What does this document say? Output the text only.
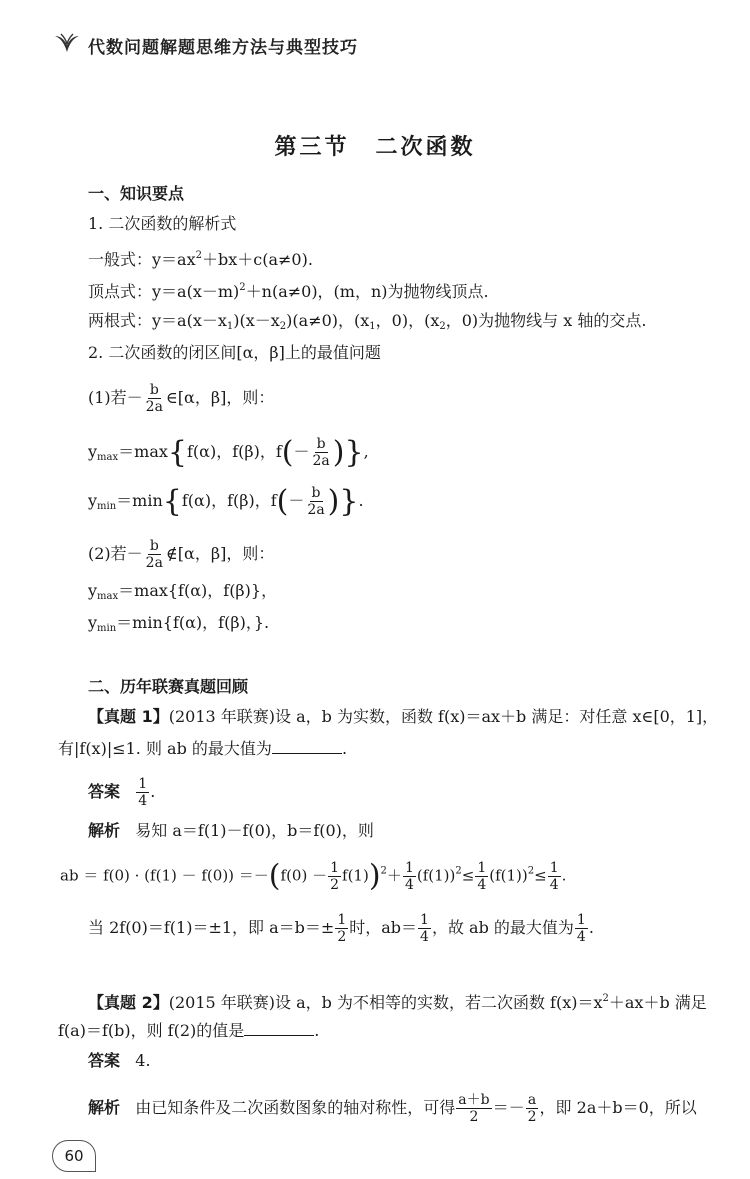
代数问题解题思维方法与典型技巧
第三节 二次函数
一、知识要点
1. 二次函数的解析式
一般式：$y=ax^2+bx+c(a\ne 0)$.
顶点式：$y=a(x-m)^2+n(a\ne 0)$，(m，n)为抛物线顶点.
两根式：$y=a(x-x_1)(x-x_2)(a\ne 0)$，($x_1$，0)，($x_2$，0)为抛物线与 x 轴的交点.
2. 二次函数的闭区间[α，β]上的最值问题
(1)若－ $\frac{b}{2a}$ ∈[α，β]，则：
$y_{max}=\max\{f(\alpha)$，f(β)，$f(- \frac{b}{2a}$ )},
$y_{min}=\min\{f(\alpha)$，f(β)，$f(- \frac{b}{2a}$ )}.
(2)若－ $\frac{b}{2a}$ ∉[α，β]，则：
$y_{max}=\max\{f(\alpha)$，f(β)}，
$y_{min}=\min\{f(\alpha)$，f(β)，}.
二、历年联赛真题回顾
【真题 1】(2013 年联赛)设 a，b 为实数，函数 f(x)＝ax＋b 满足：对任意 x∈[0，1]，
有|f(x)|≤1. 则 ab 的最大值为	.
答案 $\frac{1}{4}$ .
解析 易知 a＝f(1)－f(0)，b＝f(0)，则
ab ＝ $f(0) \cdot (f(1) - f(0)) =-(f(0) - \frac{1}{2} f(1))^2+ \frac{1}{4} (f(1))^2\le \frac{1}{4} (f(1))^2\le \frac{1}{4}$ .
当 2f(0)＝f(1)＝±1，即 $a=b=\pm \frac{1}{2}$ 时，$ab= \frac{1}{4}$ ，故 ab 的最大值为 $\frac{1}{4}$ .
【真题 2】(2015 年联赛)设 a，b 为不相等的实数，若二次函数 $f(x)=x^2+ax+b$ 满足
f(a)＝f(b)，则 f(2)的值是	.
答案 4.
解析 由已知条件及二次函数图象的轴对称性，可得 $\frac{a+b}{2} =- \frac{a}{2}$ ，即 2a＋b＝0，所以
60
